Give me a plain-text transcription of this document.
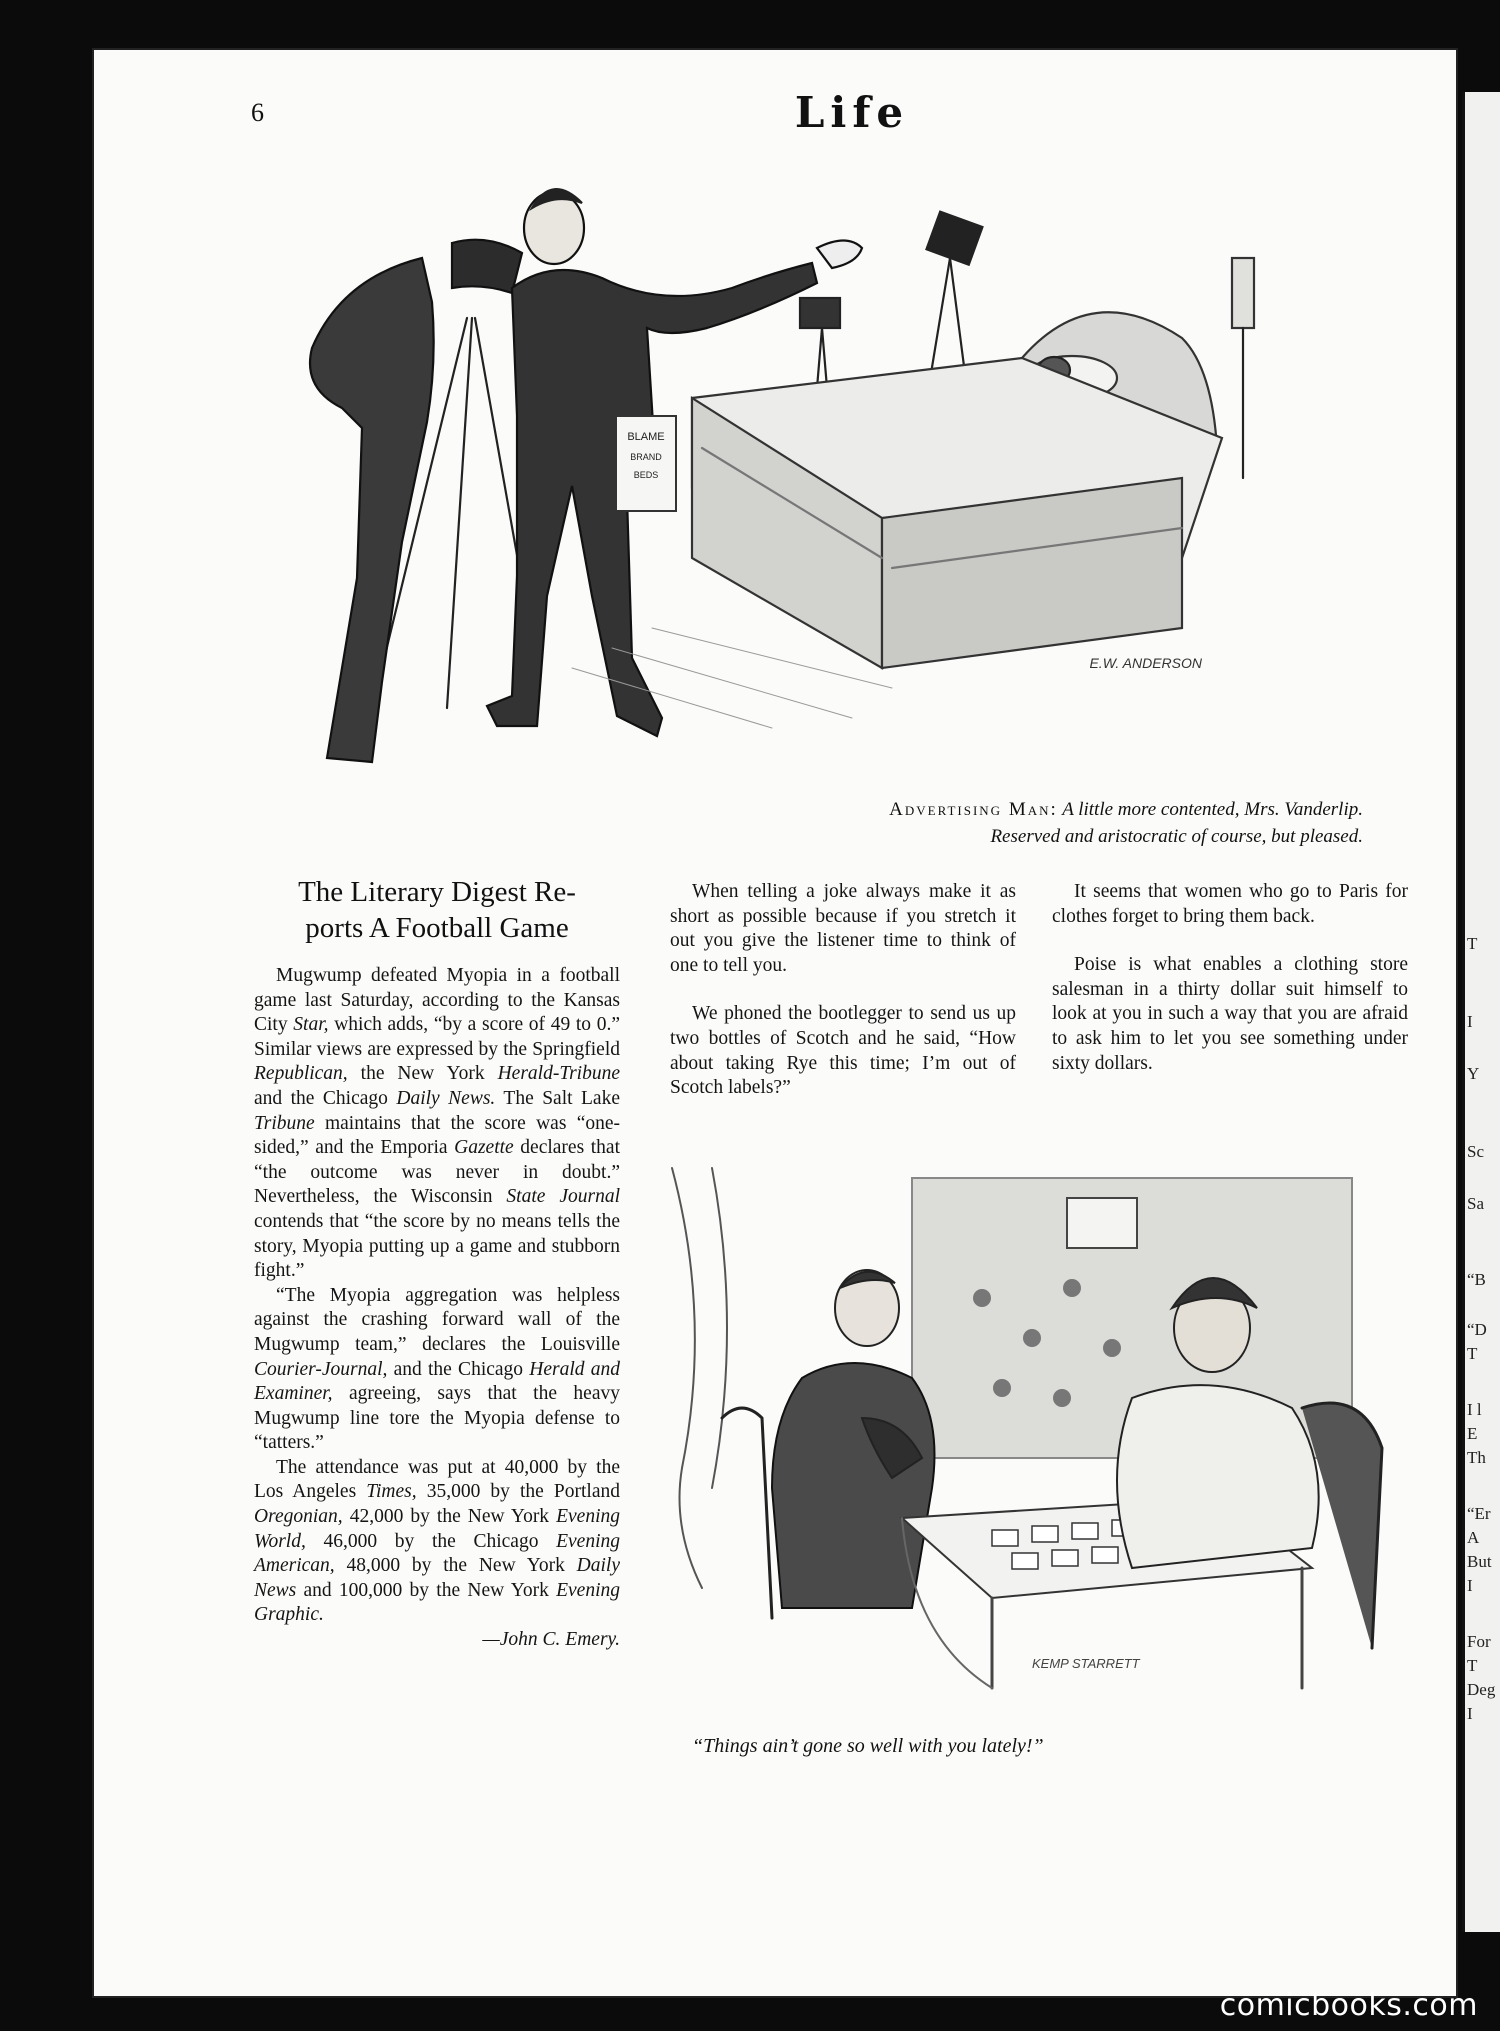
6	Life
BLAME
BRAND
BEDS
E.W. ANDERSON
Advertising Man: A little more contented, Mrs. Vanderlip.
Reserved and aristocratic of course, but pleased.
The Literary Digest Re-
ports A Football Game

Mugwump defeated Myopia in a football game last Saturday, according to the Kansas City Star, which adds, “by a score of 49 to 0.” Similar views are expressed by the Springfield Republican, the New York Herald-Tribune and the Chicago Daily News. The Salt Lake Tribune maintains that the score was “one-sided,” and the Emporia Gazette declares that “the outcome was never in doubt.” Nevertheless, the Wisconsin State Journal contends that “the score by no means tells the story, Myopia putting up a game and stubborn fight.”

“The Myopia aggregation was helpless against the crashing forward wall of the Mugwump team,” declares the Louisville Courier-Journal, and the Chicago Herald and Examiner, agreeing, says that the heavy Mugwump line tore the Myopia defense to “tatters.”

The attendance was put at 40,000 by the Los Angeles Times, 35,000 by the Portland Oregonian, 42,000 by the New York Evening World, 46,000 by the Chicago Evening American, 48,000 by the New York Daily News and 100,000 by the New York Evening Graphic.

—John C. Emery.

When telling a joke always make it as short as possible because if you stretch it out you give the listener time to think of one to tell you.

We phoned the bootlegger to send us up two bottles of Scotch and he said, “How about taking Rye this time; I’m out of Scotch labels?”

It seems that women who go to Paris for clothes forget to bring them back.

Poise is what enables a clothing store salesman in a thirty dollar suit himself to look at you in such a way that you are afraid to ask him to let you see something under sixty dollars.

KEMP STARRETT
“Things ain’t gone so well with you lately!”
T
I
Y
Sc
Sa
“B
“D
T
I l
E
Th
“Er
A
But
I
For
T
Deg
I
comicbooks.com
